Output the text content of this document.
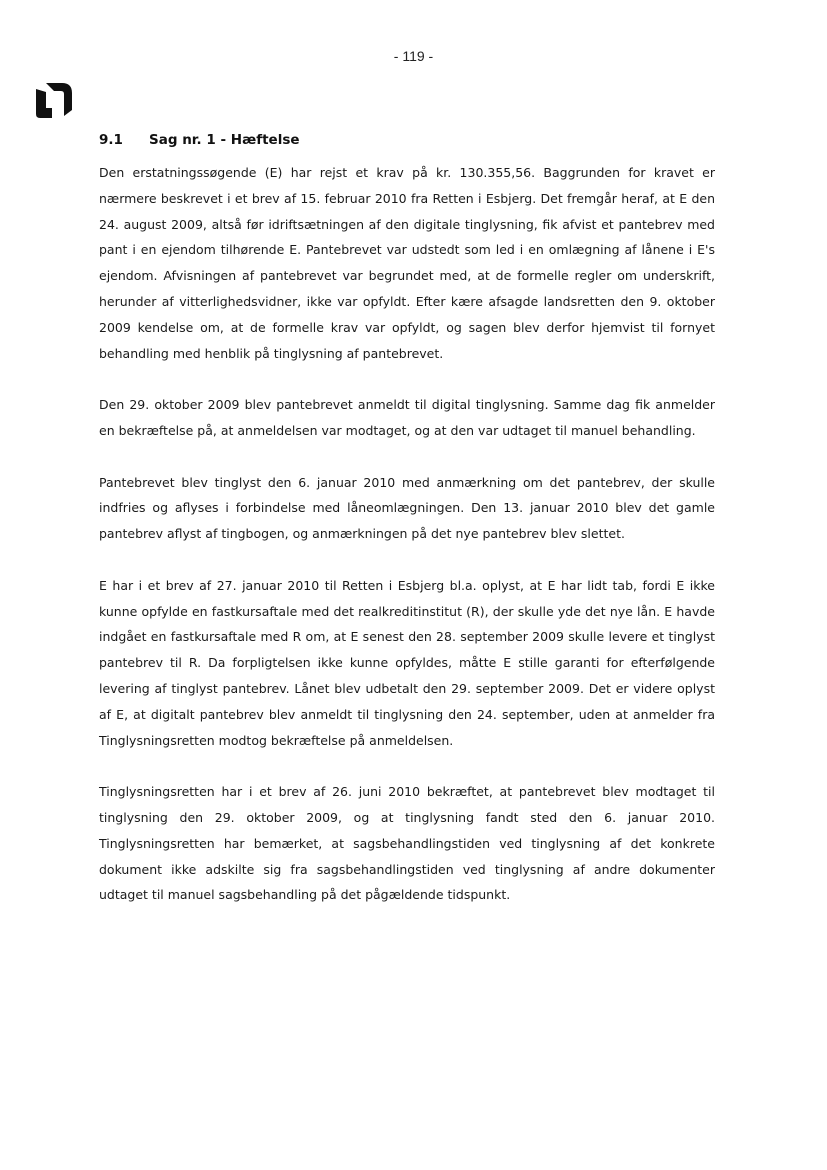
- 119 -
9.1 Sag nr. 1 - Hæftelse

Den erstatningssøgende (E) har rejst et krav på kr. 130.355,56. Baggrunden for kravet er nærmere beskrevet i et brev af 15. februar 2010 fra Retten i Esbjerg. Det fremgår heraf, at E den 24. august 2009, altså før idriftsætningen af den digitale tinglysning, fik afvist et pantebrev med pant i en ejendom tilhørende E. Pantebrevet var udstedt som led i en omlægning af lånene i E's ejendom. Afvisningen af pantebrevet var begrundet med, at de formelle regler om underskrift, herunder af vitterlighedsvidner, ikke var opfyldt. Efter kære afsagde landsretten den 9. oktober 2009 kendelse om, at de formelle krav var opfyldt, og sagen blev derfor hjemvist til fornyet behandling med henblik på tinglysning af pantebrevet.

Den 29. oktober 2009 blev pantebrevet anmeldt til digital tinglysning. Samme dag fik anmelder en bekræftelse på, at anmeldelsen var modtaget, og at den var udtaget til manuel behandling.

Pantebrevet blev tinglyst den 6. januar 2010 med anmærkning om det pantebrev, der skulle indfries og aflyses i forbindelse med låneomlægningen. Den 13. januar 2010 blev det gamle pantebrev aflyst af tingbogen, og anmærkningen på det nye pantebrev blev slettet.

E har i et brev af 27. januar 2010 til Retten i Esbjerg bl.a. oplyst, at E har lidt tab, fordi E ikke kunne opfylde en fastkursaftale med det realkreditinstitut (R), der skulle yde det nye lån. E havde indgået en fastkursaftale med R om, at E senest den 28. september 2009 skulle levere et tinglyst pantebrev til R. Da forpligtelsen ikke kunne opfyldes, måtte E stille garanti for efterfølgende levering af tinglyst pantebrev. Lånet blev udbetalt den 29. september 2009. Det er videre oplyst af E, at digitalt pantebrev blev anmeldt til tinglysning den 24. september, uden at anmelder fra Tinglysningsretten modtog bekræftelse på anmeldelsen.

Tinglysningsretten har i et brev af 26. juni 2010 bekræftet, at pantebrevet blev modtaget til tinglysning den 29. oktober 2009, og at tinglysning fandt sted den 6. januar 2010. Tinglysningsretten har bemærket, at sagsbehandlingstiden ved tinglysning af det konkrete dokument ikke adskilte sig fra sagsbehandlingstiden ved tinglysning af andre dokumenter udtaget til manuel sagsbehandling på det pågældende tidspunkt.
